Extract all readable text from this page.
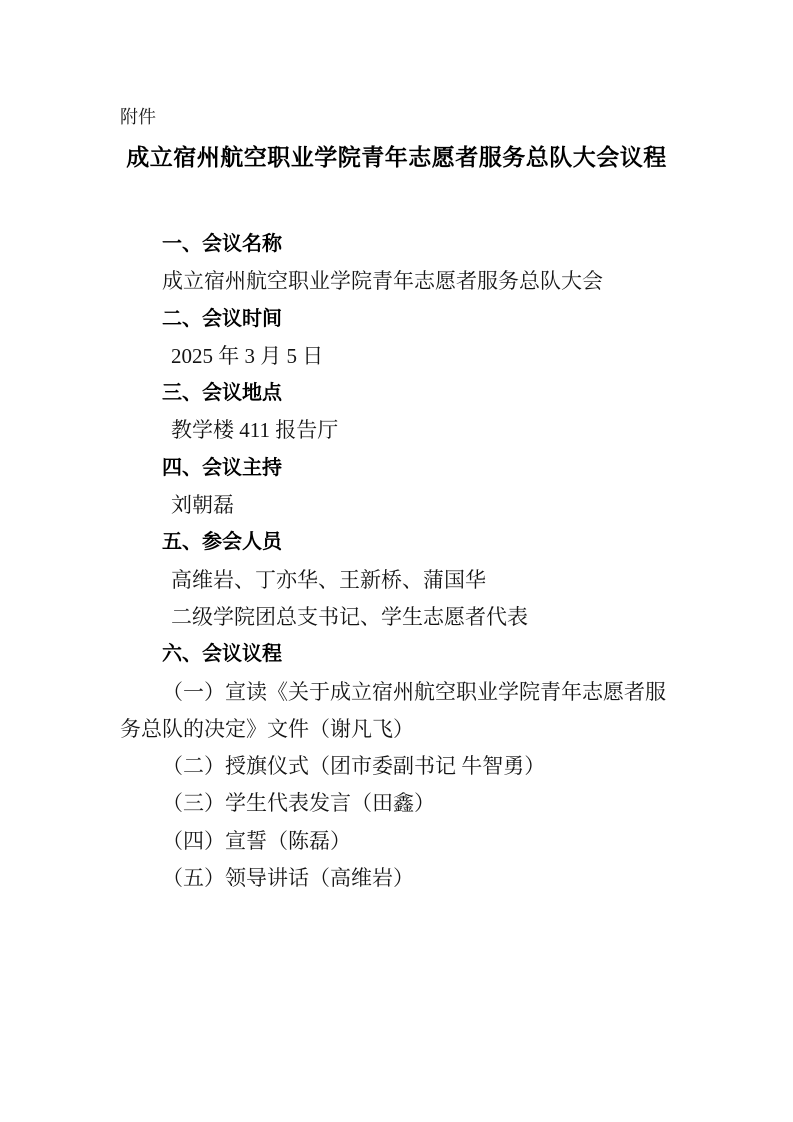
附件
成立宿州航空职业学院青年志愿者服务总队大会议程
一、会议名称

成立宿州航空职业学院青年志愿者服务总队大会

二、会议时间

2025 年 3 月 5 日

三、会议地点

教学楼 411 报告厅

四、会议主持

刘朝磊

五、参会人员

高维岩、丁亦华、王新桥、蒲国华

二级学院团总支书记、学生志愿者代表

六、会议议程

（一）宣读《关于成立宿州航空职业学院青年志愿者服务总队的决定》文件（谢凡飞）

（二）授旗仪式（团市委副书记 牛智勇）

（三）学生代表发言（田鑫）

（四）宣誓（陈磊）

（五）领导讲话（高维岩）
